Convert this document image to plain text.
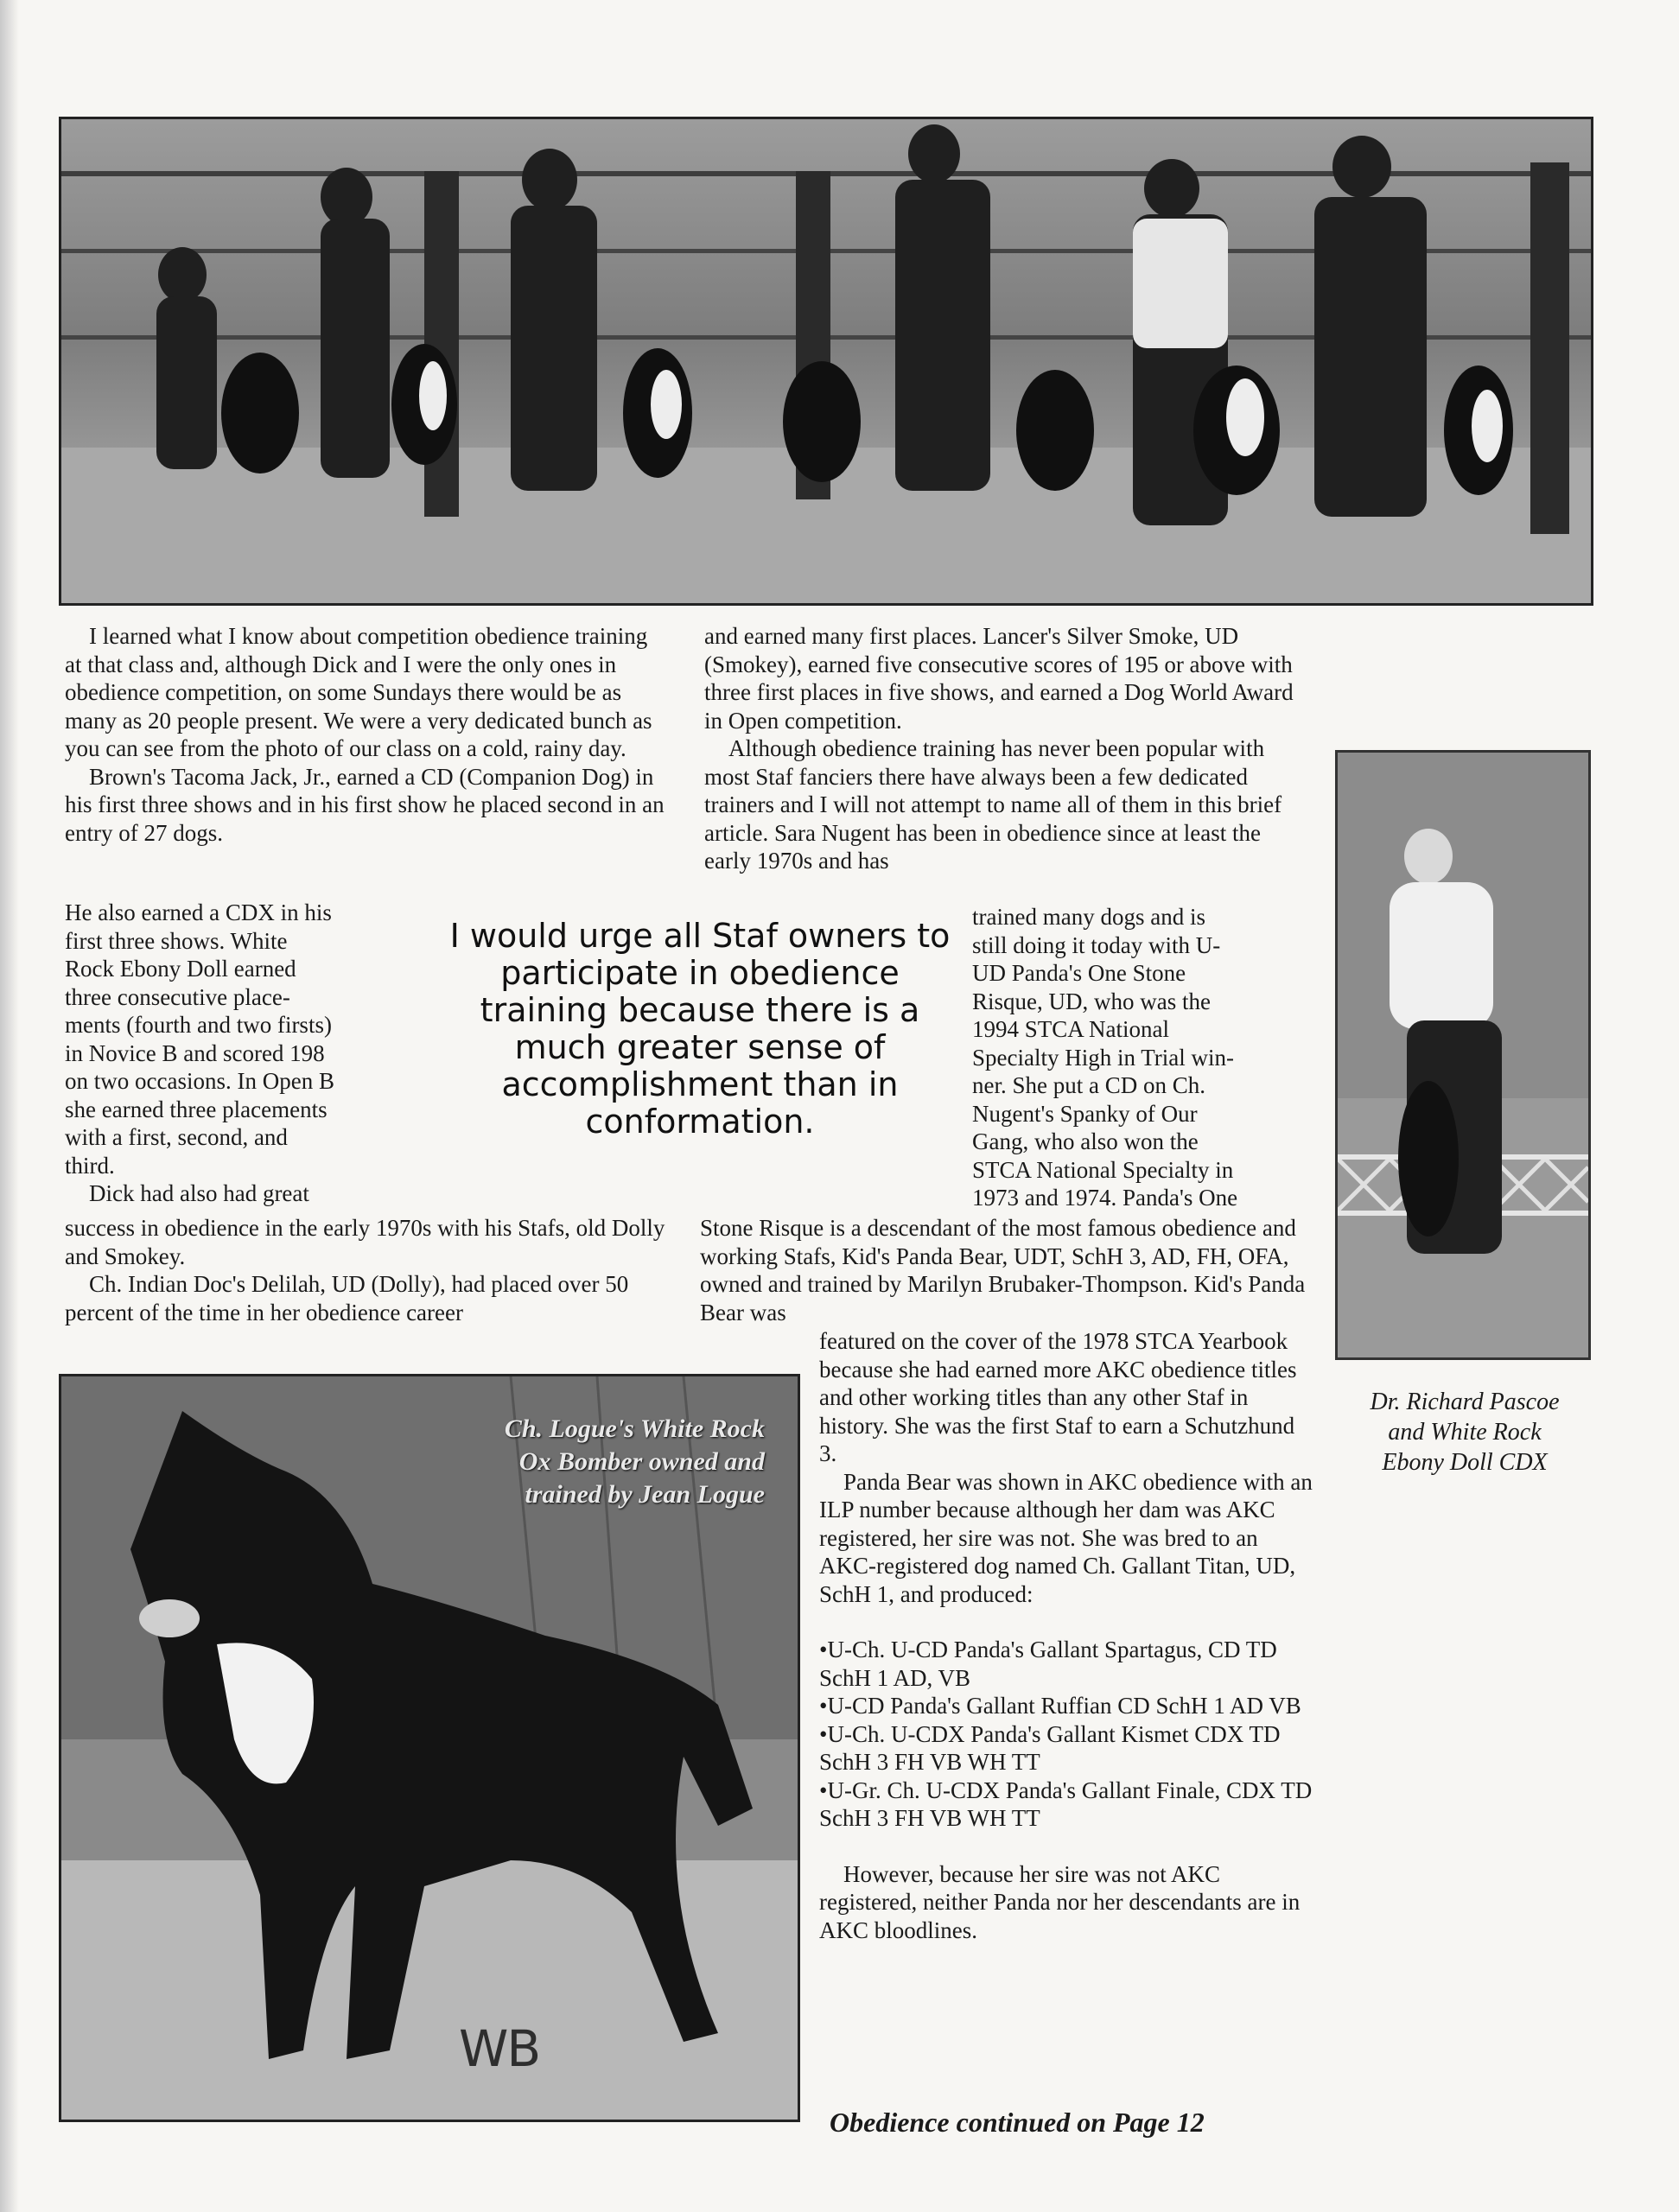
I learned what I know about competition obedience training at that class and, although Dick and I were the only ones in obedience competition, on some Sundays there would be as many as 20 people present. We were a very dedicated bunch as you can see from the photo of our class on a cold, rainy day.

Brown's Tacoma Jack, Jr., earned a CD (Companion Dog) in his first three shows and in his first show he placed second in an entry of 27 dogs.

He also earned a CDX in his

first three shows. White

Rock Ebony Doll earned

three consecutive place-

ments (fourth and two firsts)

in Novice B and scored 198

on two occasions. In Open B

she earned three placements

with a first, second, and

third.

Dick had also had great

success in obedience in the early 1970s with his Stafs, old Dolly and Smokey.

Ch. Indian Doc's Delilah, UD (Dolly), had placed over 50 percent of the time in her obedience career

I would urge all Staf owners to participate in obedience training because there is a much greater sense of accomplishment than in conformation.

and earned many first places. Lancer's Silver Smoke, UD (Smokey), earned five consecutive scores of 195 or above with three first places in five shows, and earned a Dog World Award in Open competition.

Although obedience training has never been popular with most Staf fanciers there have always been a few dedicated trainers and I will not attempt to name all of them in this brief article. Sara Nugent has been in obedience since at least the early 1970s and has

trained many dogs and is

still doing it today with U-

UD Panda's One Stone

Risque, UD, who was the

1994 STCA National

Specialty High in Trial win-

ner. She put a CD on Ch.

Nugent's Spanky of Our

Gang, who also won the

STCA National Specialty in

1973 and 1974. Panda's One

Stone Risque is a descendant of the most famous obedience and working Stafs, Kid's Panda Bear, UDT, SchH 3, AD, FH, OFA, owned and trained by Marilyn Brubaker-Thompson. Kid's Panda Bear was

featured on the cover of the 1978 STCA Yearbook because she had earned more AKC obedience titles and other working titles than any other Staf in history. She was the first Staf to earn a Schutzhund 3.

Panda Bear was shown in AKC obedience with an ILP number because although her dam was AKC registered, her sire was not. She was bred to an AKC-registered dog named Ch. Gallant Titan, UD, SchH 1, and produced:

•U-Ch. U-CD Panda's Gallant Spartagus, CD TD SchH 1 AD, VB

•U-CD Panda's Gallant Ruffian CD SchH 1 AD VB

•U-Ch. U-CDX Panda's Gallant Kismet CDX TD SchH 3 FH VB WH TT

•U-Gr. Ch. U-CDX Panda's Gallant Finale, CDX TD SchH 3 FH VB WH TT

However, because her sire was not AKC registered, neither Panda nor her descendants are in AKC bloodlines.

Dr. Richard Pascoe
and White Rock
Ebony Doll CDX
Ch. Logue's White Rock
Ox Bomber owned and
trained by Jean Logue
WB
Obedience continued on Page 12
